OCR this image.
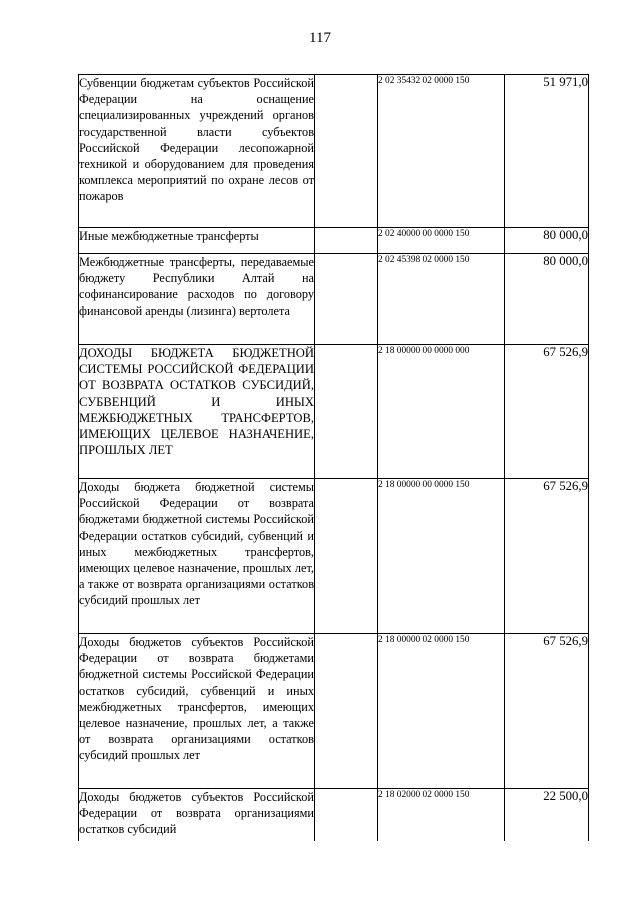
117
Субвенции бюджетам субъектов Российской Федерации на оснащение специализированных учреждений органов государственной власти субъектов Российской Федерации лесопожарной техникой и оборудованием для проведения комплекса мероприятий по охране лесов от пожаров		2 02 35432 02 0000 150	51 971,0
Иные межбюджетные трансферты		2 02 40000 00 0000 150	80 000,0
Межбюджетные трансферты, передаваемые бюджету Республики Алтай на софинансирование расходов по договору финансовой аренды (лизинга) вертолета		2 02 45398 02 0000 150	80 000,0
ДОХОДЫ БЮДЖЕТА БЮДЖЕТНОЙ СИСТЕМЫ РОССИЙСКОЙ ФЕДЕРАЦИИ ОТ ВОЗВРАТА ОСТАТКОВ СУБСИДИЙ, СУБВЕНЦИЙ И ИНЫХ МЕЖБЮДЖЕТНЫХ ТРАНСФЕРТОВ, ИМЕЮЩИХ ЦЕЛЕВОЕ НАЗНАЧЕНИЕ, ПРОШЛЫХ ЛЕТ		2 18 00000 00 0000 000	67 526,9
Доходы бюджета бюджетной системы Российской Федерации от возврата бюджетами бюджетной системы Российской Федерации остатков субсидий, субвенций и иных межбюджетных трансфертов, имеющих целевое назначение, прошлых лет, а также от возврата организациями остатков субсидий прошлых лет		2 18 00000 00 0000 150	67 526,9
Доходы бюджетов субъектов Российской Федерации от возврата бюджетами бюджетной системы Российской Федерации остатков субсидий, субвенций и иных межбюджетных трансфертов, имеющих целевое назначение, прошлых лет, а также от возврата организациями остатков субсидий прошлых лет		2 18 00000 02 0000 150	67 526,9
Доходы бюджетов субъектов Российской Федерации от возврата организациями остатков субсидий		2 18 02000 02 0000 150	22 500,0
